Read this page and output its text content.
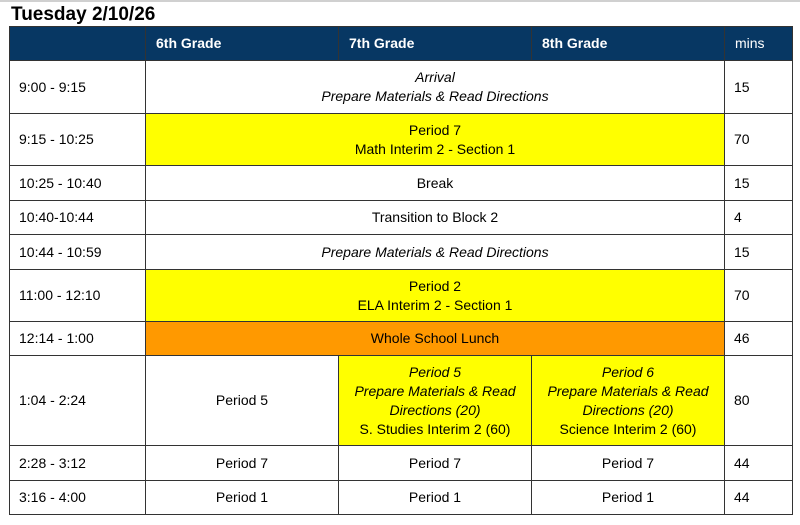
Tuesday 2/10/26
	6th Grade	7th Grade	8th Grade	mins
9:00 - 9:15	Arrival
Prepare Materials & Read Directions			15
9:15 - 10:25	Period 7
Math Interim 2 - Section 1			70
10:25 - 10:40	Break			15
10:40-10:44	Transition to Block 2			4
10:44 - 10:59	Prepare Materials & Read Directions			15
11:00 - 12:10	Period 2
ELA Interim 2 - Section 1			70
12:14 - 1:00	Whole School Lunch			46
1:04 - 2:24	Period 5	Period 5
Prepare Materials & Read
Directions (20)
S. Studies Interim 2 (60)	Period 6
Prepare Materials & Read
Directions (20)
Science Interim 2 (60)	80
2:28 - 3:12	Period 7	Period 7	Period 7	44
3:16 - 4:00	Period 1	Period 1	Period 1	44
